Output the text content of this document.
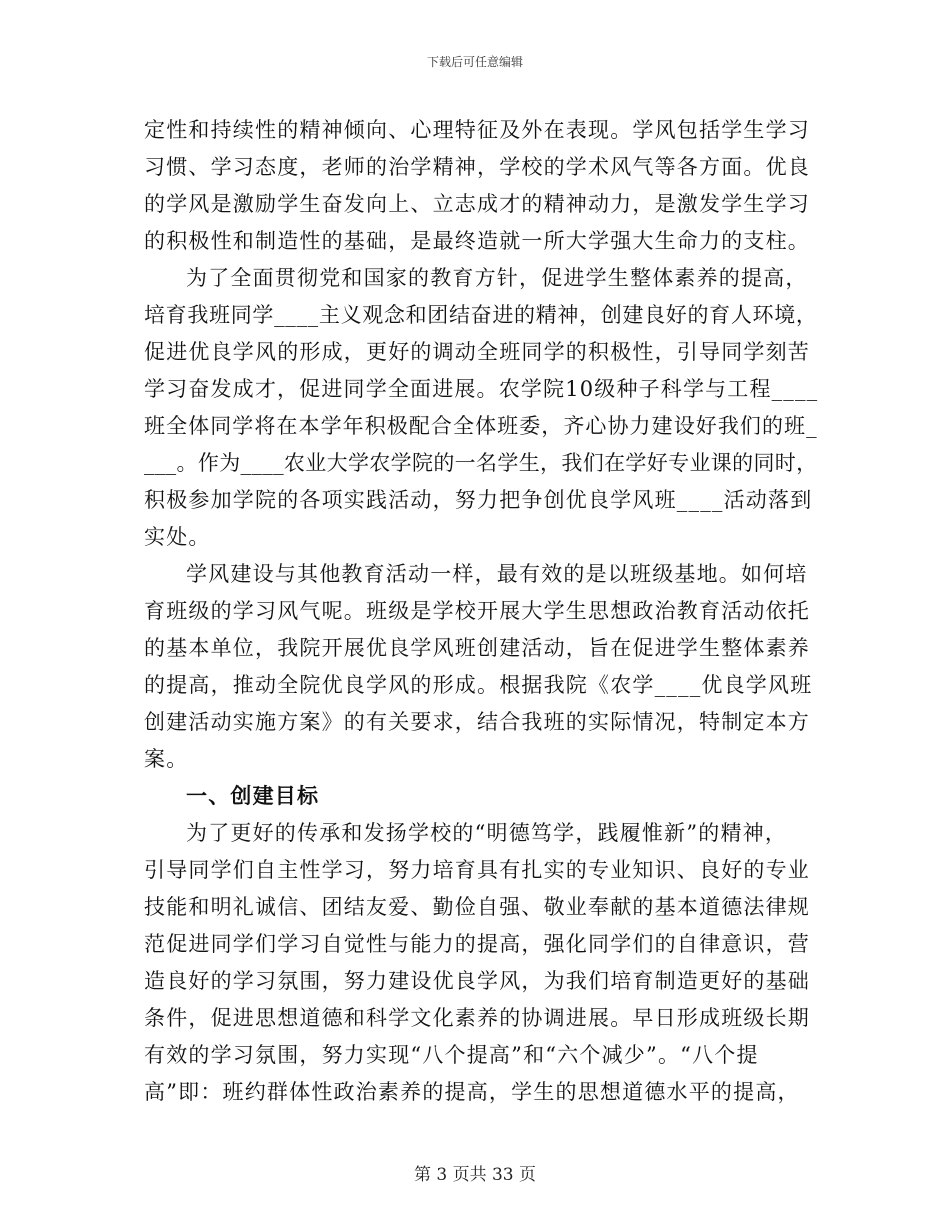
下载后可任意编辑
定性和持续性的精神倾向、心理特征及外在表现。学风包括学生学习
习惯、学习态度，老师的治学精神，学校的学术风气等各方面。优良
的学风是激励学生奋发向上、立志成才的精神动力，是激发学生学习
的积极性和制造性的基础，是最终造就一所大学强大生命力的支柱。
为了全面贯彻党和国家的教育方针，促进学生整体素养的提高，
培育我班同学____主义观念和团结奋进的精神，创建良好的育人环境，
促进优良学风的形成，更好的调动全班同学的积极性，引导同学刻苦
学习奋发成才，促进同学全面进展。农学院10级种子科学与工程____
班全体同学将在本学年积极配合全体班委，齐心协力建设好我们的班_
___。作为____农业大学农学院的一名学生，我们在学好专业课的同时，
积极参加学院的各项实践活动，努力把争创优良学风班____活动落到
实处。
学风建设与其他教育活动一样，最有效的是以班级基地。如何培
育班级的学习风气呢。班级是学校开展大学生思想政治教育活动依托
的基本单位，我院开展优良学风班创建活动，旨在促进学生整体素养
的提高，推动全院优良学风的形成。根据我院《农学____优良学风班
创建活动实施方案》的有关要求，结合我班的实际情况，特制定本方
案。
一、创建目标
为了更好的传承和发扬学校的“明德笃学，践履惟新”的精神，
引导同学们自主性学习，努力培育具有扎实的专业知识、良好的专业
技能和明礼诚信、团结友爱、勤俭自强、敬业奉献的基本道德法律规
范促进同学们学习自觉性与能力的提高，强化同学们的自律意识，营
造良好的学习氛围，努力建设优良学风，为我们培育制造更好的基础
条件，促进思想道德和科学文化素养的协调进展。早日形成班级长期
有效的学习氛围，努力实现“八个提高”和“六个减少”。“八个提
高”即：班约群体性政治素养的提高，学生的思想道德水平的提高，
第 3 页共 33 页
